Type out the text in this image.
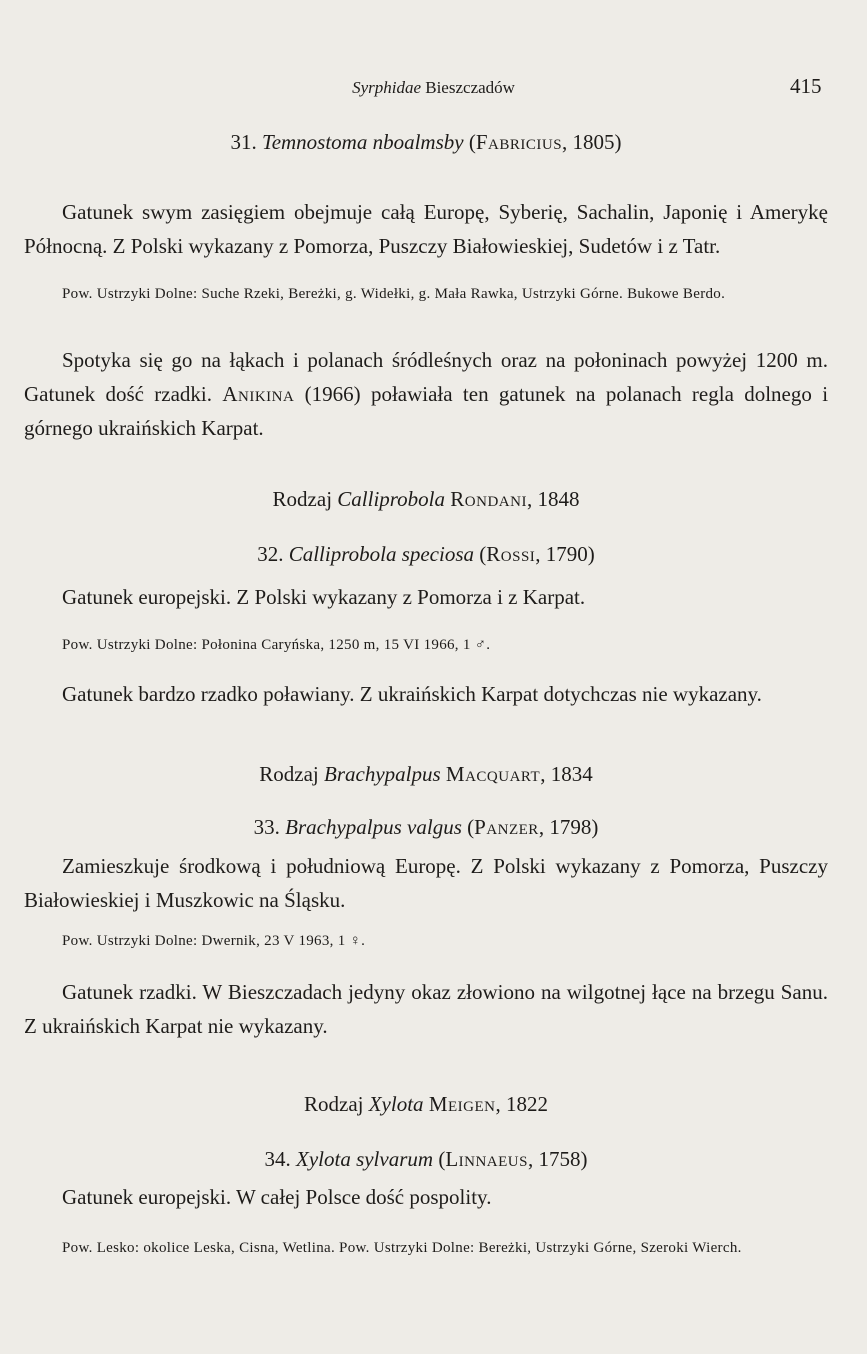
Syrphidae Bieszczadów	415
31. Temnostoma nboalmsby (Fabricius, 1805)
Gatunek swym zasięgiem obejmuje całą Europę, Syberię, Sachalin, Japonię i Amerykę Północną. Z Polski wykazany z Pomorza, Puszczy Białowieskiej, Sudetów i z Tatr.
Pow. Ustrzyki Dolne: Suche Rzeki, Bereżki, g. Widełki, g. Mała Rawka, Ustrzyki Górne. Bukowe Berdo.
Spotyka się go na łąkach i polanach śródleśnych oraz na połoninach powyżej 1200 m. Gatunek dość rzadki. Anikina (1966) poławiała ten gatunek na polanach regla dolnego i górnego ukraińskich Karpat.
Rodzaj Calliprobola Rondani, 1848
32. Calliprobola speciosa (Rossi, 1790)
Gatunek europejski. Z Polski wykazany z Pomorza i z Karpat.
Pow. Ustrzyki Dolne: Połonina Caryńska, 1250 m, 15 VI 1966, 1 ♂.
Gatunek bardzo rzadko poławiany. Z ukraińskich Karpat dotychczas nie wykazany.
Rodzaj Brachypalpus Macquart, 1834
33. Brachypalpus valgus (Panzer, 1798)
Zamieszkuje środkową i południową Europę. Z Polski wykazany z Pomorza, Puszczy Białowieskiej i Muszkowic na Śląsku.
Pow. Ustrzyki Dolne: Dwernik, 23 V 1963, 1 ♀.
Gatunek rzadki. W Bieszczadach jedyny okaz złowiono na wilgotnej łące na brzegu Sanu. Z ukraińskich Karpat nie wykazany.
Rodzaj Xylota Meigen, 1822
34. Xylota sylvarum (Linnaeus, 1758)
Gatunek europejski. W całej Polsce dość pospolity.
Pow. Lesko: okolice Leska, Cisna, Wetlina. Pow. Ustrzyki Dolne: Bereżki, Ustrzyki Górne, Szeroki Wierch.
